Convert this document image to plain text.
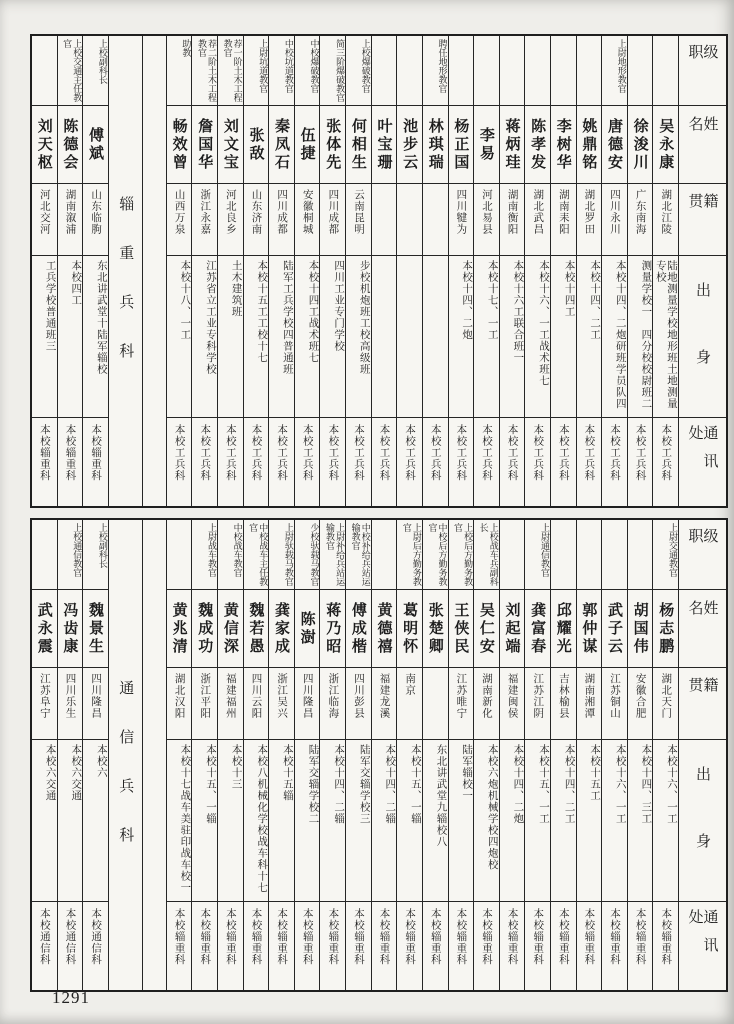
级职
姓名
籍贯
出身
通讯处
吴永康
湖北江陵
陆地测量学校地形班土地测量专校
本校工兵科
徐浚川
广东南海
测量学校一　四分校校尉班二
本校工兵科
上尉地形教官
唐德安
四川永川
本校十四、二炮研班学员队四
本校工兵科
姚鼎铭
湖北罗田
本校十四、二工
本校工兵科
李树华
湖南耒阳
本校十四工
本校工兵科
陈孝发
湖北武昌
本校十六、一工战术班七
本校工兵科
蒋炳珪
湖南衡阳
本校十六工联合班一
本校工兵科
李易
河北易县
本校十七、一工
本校工兵科
杨正国
四川犍为
本校十四、二炮
本校工兵科
聘任地形教官
林琪瑞
本校工兵科
池步云
本校工兵科
叶宝珊
本校工兵科
上校爆破教官
何相生
云南昆明
步校机炮班工校高级班
本校工兵科
简三阶爆破教官
张体先
四川成都
四川工业专门学校
本校工兵科
中校爆破教官
伍捷
安徽桐城
本校十四工战术班七
本校工兵科
中校坑道教官
秦凤石
四川成都
陆军工兵学校四普通班
本校工兵科
上尉坑道教官
张敌
山东济南
本校十五工工校十七
本校工兵科
荐一阶土木工程教官
刘文宝
河北良乡
土木建筑班
本校工兵科
荐二阶土木工程教官
詹国华
浙江永嘉
江苏省立工业专科学校
本校工兵科
助教
畅效曾
山西万泉
本校十八、一工
本校工兵科
辎重兵科
上校副科长
傅斌
山东临朐
东北讲武堂十陆军辎校
本校辎重科
上校交通主任教官
陈德会
湖南溆浦
本校四工
本校辎重科
刘天枢
河北交河
工兵学校普通班三
本校辎重科
级职
姓名
籍贯
出身
通讯处
上尉交通教官
杨志鹏
湖北天门
本校十六、一工
本校辎重科
胡国伟
安徽合肥
本校十四、三工
本校辎重科
武子云
江苏铜山
本校十六、一工
本校辎重科
郭仲谋
湖南湘潭
本校十五工
本校辎重科
邱耀光
吉林榆县
本校十四、二工
本校辎重科
上尉通信教官
龚富春
江苏江阴
本校十五、一工
本校辎重科
刘起端
福建闽侯
本校十四、二炮
本校辎重科
上校战车兵副科长
吴仁安
湖南新化
本校六炮机械学校四炮校
本校辎重科
上校后方勤务教官
王侠民
江苏唯宁
陆军辎校一
本校辎重科
中校后方勤务教官
张楚卿
东北讲武堂九辎校八
本校辎重科
上尉后方勤务教官
葛明怀
南京
本校十五、一辎
本校辎重科
黄德禧
福建龙溪
本校十四、二辎
本校辎重科
中校补给兵站运输教官
傅成楷
四川彭县
陆军交辎学校三
本校辎重科
上尉补给兵站运输教官
蒋乃昭
浙江临海
本校十四、二辎
本校辎重科
少校驮载马教官
陈澍
四川隆昌
陆军交辎学校二
本校辎重科
上尉驮载马教官
龚家成
浙江吴兴
本校十五辎
本校辎重科
中校战车主任教官
魏若愚
四川云阳
本校八机械化学校战车科十七
本校辎重科
中校战车教官
黄信深
福建福州
本校十三
本校辎重科
上尉战车教官
魏成功
浙江平阳
本校十五、一辎
本校辎重科
黄兆清
湖北汉阳
本校十七战车美驻印战车校一
本校辎重科
通信兵科
上校副科长
魏景生
四川隆昌
本校六
本校通信科
上校通信教官
冯齿康
四川乐生
本校六交通
本校通信科
武永震
江苏阜宁
本校六交通
本校通信科
1291
